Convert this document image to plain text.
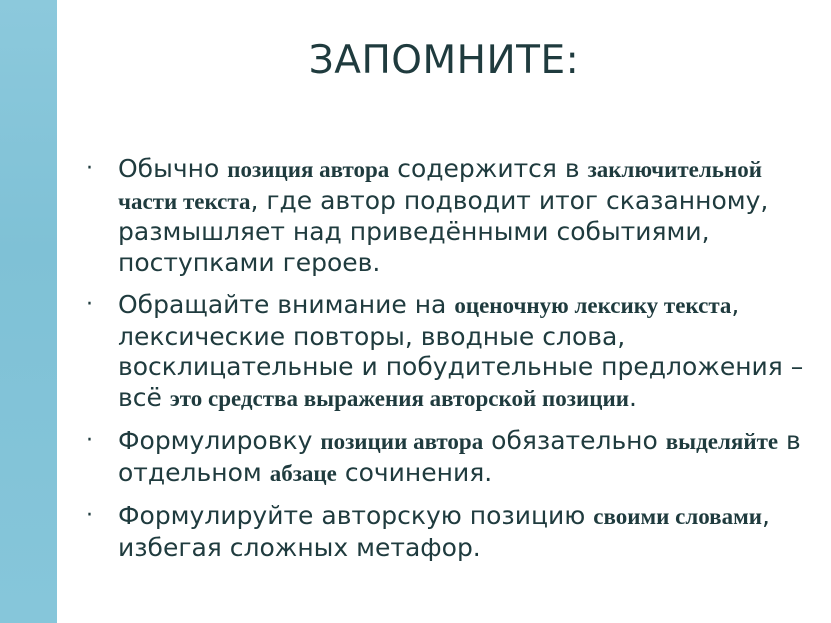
ЗАПОМНИТЕ:
· Обычно позиция автора содержится в заключительной части текста, где автор подводит итог сказанному, размышляет над приведёнными событиями, поступками героев.
· Обращайте внимание на оценочную лексику текста, лексические повторы, вводные слова, восклицательные и побудительные предложения – всё это средства выражения авторской позиции.
· Формулировку позиции автора обязательно выделяйте в отдельном абзаце сочинения.
· Формулируйте авторскую позицию своими словами, избегая сложных метафор.
